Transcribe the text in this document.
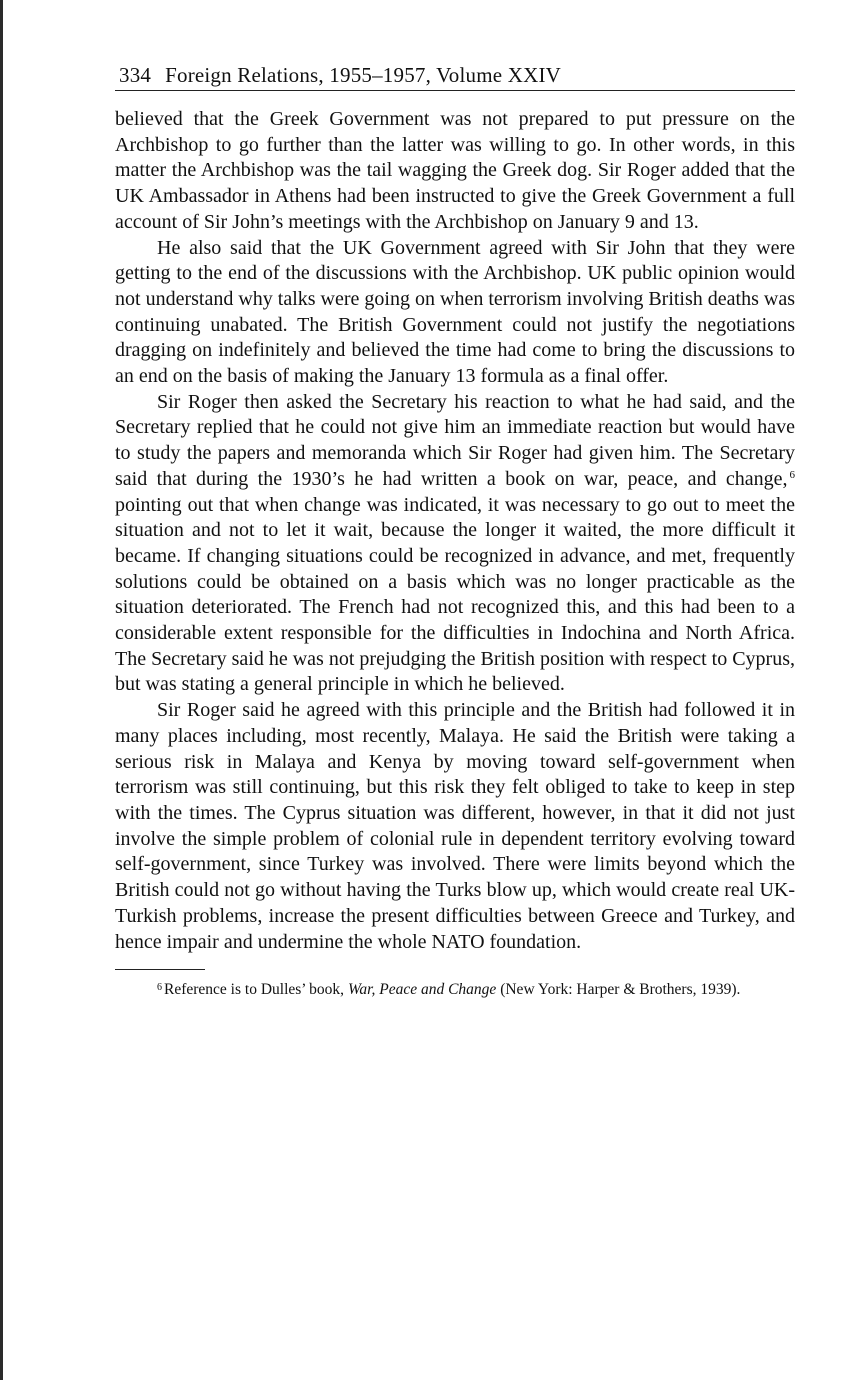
334 Foreign Relations, 1955–1957, Volume XXIV

believed that the Greek Government was not prepared to put pressure on the Archbishop to go further than the latter was willing to go. In other words, in this matter the Archbishop was the tail wagging the Greek dog. Sir Roger added that the UK Ambassador in Athens had been instructed to give the Greek Government a full account of Sir John’s meetings with the Archbishop on January 9 and 13.

He also said that the UK Government agreed with Sir John that they were getting to the end of the discussions with the Archbishop. UK public opinion would not understand why talks were going on when terrorism involving British deaths was continuing unabated. The British Government could not justify the negotiations dragging on indefinitely and believed the time had come to bring the discussions to an end on the basis of making the January 13 formula as a final offer.

Sir Roger then asked the Secretary his reaction to what he had said, and the Secretary replied that he could not give him an immediate reaction but would have to study the papers and memoranda which Sir Roger had given him. The Secretary said that during the 1930’s he had written a book on war, peace, and change, $^6$ pointing out that when change was indicated, it was necessary to go out to meet the situation and not to let it wait, because the longer it waited, the more difficult it became. If changing situations could be recognized in advance, and met, frequently solutions could be obtained on a basis which was no longer practicable as the situation deteriorated. The French had not recognized this, and this had been to a considerable extent responsible for the difficulties in Indochina and North Africa. The Secretary said he was not prejudging the British position with respect to Cyprus, but was stating a general principle in which he believed.

Sir Roger said he agreed with this principle and the British had followed it in many places including, most recently, Malaya. He said the British were taking a serious risk in Malaya and Kenya by moving toward self-government when terrorism was still continuing, but this risk they felt obliged to take to keep in step with the times. The Cyprus situation was different, however, in that it did not just involve the simple problem of colonial rule in dependent territory evolving toward self-government, since Turkey was involved. There were limits beyond which the British could not go without having the Turks blow up, which would create real UK-Turkish problems, increase the present difficulties between Greece and Turkey, and hence impair and undermine the whole NATO foundation.

$^6$ Reference is to Dulles’ book, War, Peace and Change (New York: Harper & Brothers, 1939).
